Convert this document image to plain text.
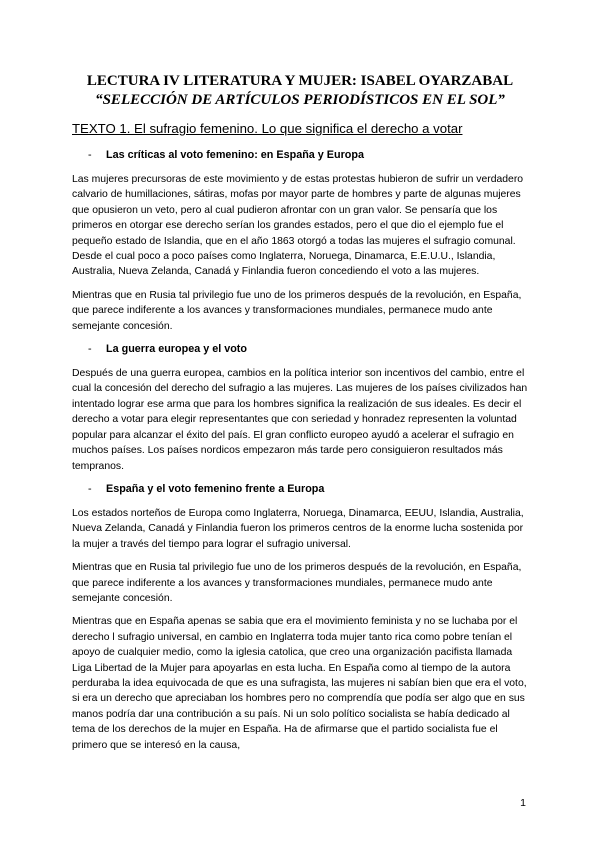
LECTURA IV LITERATURA Y MUJER: ISABEL OYARZABAL
“SELECCIÓN DE ARTÍCULOS PERIODÍSTICOS EN EL SOL”
TEXTO 1. El sufragio femenino. Lo que significa el derecho a votar
- Las críticas al voto femenino: en España y Europa

Las mujeres precursoras de este movimiento y de estas protestas hubieron de sufrir un verdadero calvario de humillaciones, sátiras, mofas por mayor parte de hombres y parte de algunas mujeres que opusieron un veto, pero al cual pudieron afrontar con un gran valor. Se pensaría que los primeros en otorgar ese derecho serían los grandes estados, pero el que dio el ejemplo fue el pequeño estado de Islandia, que en el año 1863 otorgó a todas las mujeres el sufragio comunal. Desde el cual poco a poco países como Inglaterra, Noruega, Dinamarca, E.E.U.U., Islandia, Australia, Nueva Zelanda, Canadá y Finlandia fueron concediendo el voto a las mujeres.

Mientras que en Rusia tal privilegio fue uno de los primeros después de la revolución, en España, que parece indiferente a los avances y transformaciones mundiales, permanece mudo ante semejante concesión.

- La guerra europea y el voto

Después de una guerra europea, cambios en la política interior son incentivos del cambio, entre el cual la concesión del derecho del sufragio a las mujeres. Las mujeres de los países civilizados han intentado lograr ese arma que para los hombres significa la realización de sus ideales. Es decir el derecho a votar para elegir representantes que con seriedad y honradez representen la voluntad popular para alcanzar el éxito del país. El gran conflicto europeo ayudó a acelerar el sufragio en muchos países. Los países nordicos empezaron más tarde pero consiguieron resultados más tempranos.

- España y el voto femenino frente a Europa

Los estados norteños de Europa como Inglaterra, Noruega, Dinamarca, EEUU, Islandia, Australia, Nueva Zelanda, Canadá y Finlandia fueron los primeros centros de la enorme lucha sostenida por la mujer a través del tiempo para lograr el sufragio universal.

Mientras que en Rusia tal privilegio fue uno de los primeros después de la revolución, en España, que parece indiferente a los avances y transformaciones mundiales, permanece mudo ante semejante concesión.

Mientras que en España apenas se sabia que era el movimiento feminista y no se luchaba por el derecho l sufragio universal, en cambio en Inglaterra toda mujer tanto rica como pobre tenían el apoyo de cualquier medio, como la iglesia catolica, que creo una organización pacifista llamada Liga Libertad de la Mujer para apoyarlas en esta lucha. En España como al tiempo de la autora perduraba la idea equivocada de que es una sufragista, las mujeres ni sabían bien que era el voto, si era un derecho que apreciaban los hombres pero no comprendía que podía ser algo que en sus manos podría dar una contribución a su país. Ni un solo político socialista se había dedicado al tema de los derechos de la mujer en España. Ha de afirmarse que el partido socialista fue el primero que se interesó en la causa,

1
